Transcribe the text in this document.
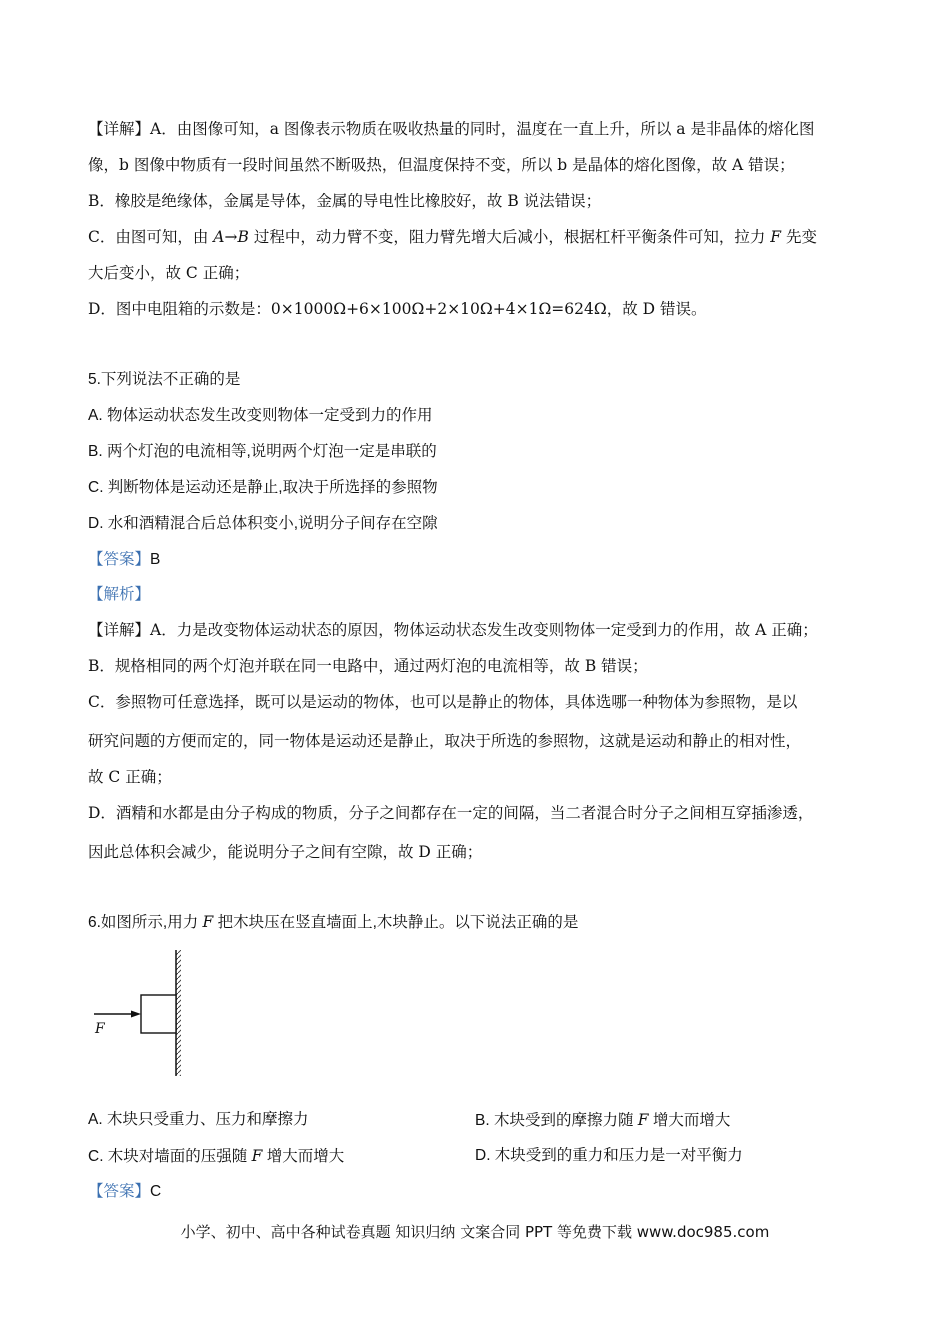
【详解】A．由图像可知，a 图像表示物质在吸收热量的同时，温度在一直上升，所以 a 是非晶体的熔化图
像，b 图像中物质有一段时间虽然不断吸热，但温度保持不变，所以 b 是晶体的熔化图像，故 A 错误；
B．橡胶是绝缘体，金属是导体，金属的导电性比橡胶好，故 B 说法错误；
C．由图可知，由 A→B 过程中，动力臂不变，阻力臂先增大后减小，根据杠杆平衡条件可知，拉力 F 先变
大后变小，故 C 正确；
D．图中电阻箱的示数是：0×1000Ω+6×100Ω+2×10Ω+4×1Ω=624Ω，故 D 错误。
5.下列说法不正确的是
A. 物体运动状态发生改变则物体一定受到力的作用
B. 两个灯泡的电流相等,说明两个灯泡一定是串联的
C. 判断物体是运动还是静止,取决于所选择的参照物
D. 水和酒精混合后总体积变小,说明分子间存在空隙
【答案】B
【解析】
【详解】A．力是改变物体运动状态的原因，物体运动状态发生改变则物体一定受到力的作用，故 A 正确；
B．规格相同的两个灯泡并联在同一电路中，通过两灯泡的电流相等，故 B 错误；
C．参照物可任意选择，既可以是运动的物体，也可以是静止的物体，具体选哪一种物体为参照物，是以
研究问题的方便而定的，同一物体是运动还是静止，取决于所选的参照物，这就是运动和静止的相对性，
故 C 正确；
D．酒精和水都是由分子构成的物质，分子之间都存在一定的间隔，当二者混合时分子之间相互穿插渗透，
因此总体积会减少，能说明分子之间有空隙，故 D 正确；
6.如图所示,用力 F 把木块压在竖直墙面上,木块静止。以下说法正确的是
F
A. 木块只受重力、压力和摩擦力	B. 木块受到的摩擦力随 F 增大而增大
C. 木块对墙面的压强随 F 增大而增大	D. 木块受到的重力和压力是一对平衡力
【答案】C
小学、初中、高中各种试卷真题 知识归纳 文案合同 PPT 等免费下载 www.doc985.com
